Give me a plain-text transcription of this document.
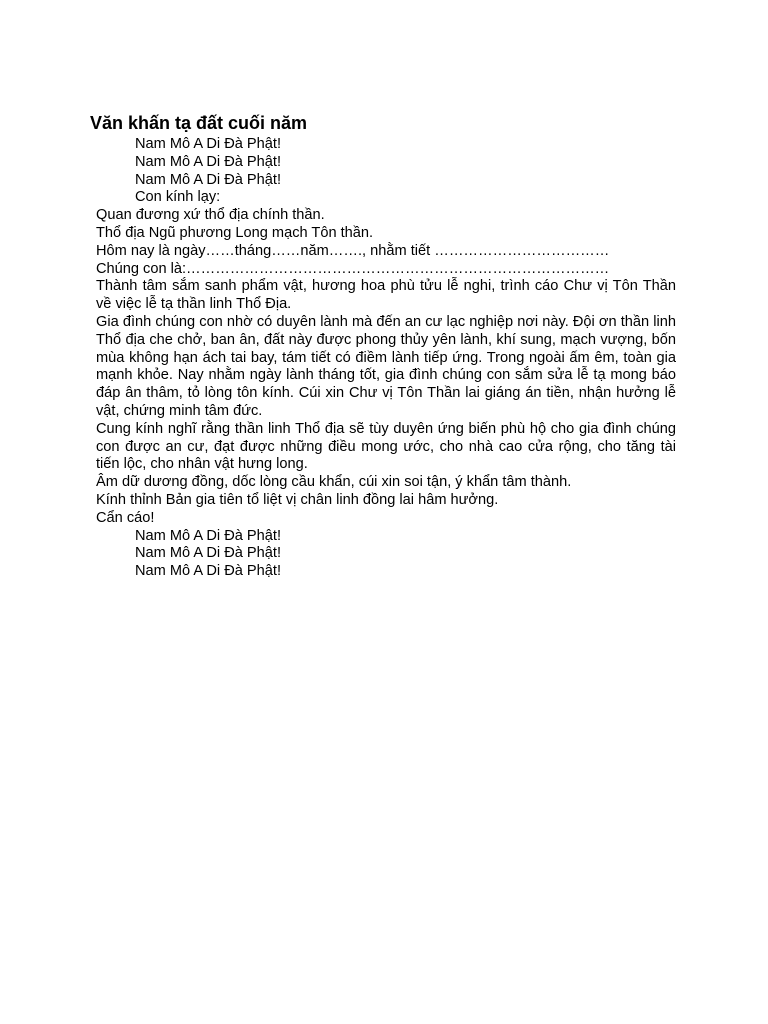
Văn khấn tạ đất cuối năm
Nam Mô A Di Đà Phật!
Nam Mô A Di Đà Phật!
Nam Mô A Di Đà Phật!
Con kính lạy:
Quan đương xứ thổ địa chính thần.
Thổ địa Ngũ phương Long mạch Tôn thần.
Hôm nay là ngày……tháng……năm……., nhằm tiết ………………………………
Chúng con là:……………………………………………………………………………

Thành tâm sắm sanh phẩm vật, hương hoa phù tửu lễ nghi, trình cáo Chư vị Tôn Thần về việc lễ tạ thần linh Thổ Địa.

Gia đình chúng con nhờ có duyên lành mà đến an cư lạc nghiệp nơi này. Đội ơn thần linh Thổ địa che chở, ban ân, đất này được phong thủy yên lành, khí sung, mạch vượng, bốn mùa không hạn ách tai bay, tám tiết có điềm lành tiếp ứng. Trong ngoài ấm êm, toàn gia mạnh khỏe. Nay nhằm ngày lành tháng tốt, gia đình chúng con sắm sửa lễ tạ mong báo đáp ân thâm, tỏ lòng tôn kính. Cúi xin Chư vị Tôn Thần lai giáng án tiền, nhận hưởng lễ vật, chứng minh tâm đức.

Cung kính nghĩ rằng thần linh Thổ địa sẽ tùy duyên ứng biến phù hộ cho gia đình chúng con được an cư, đạt được những điều mong ước, cho nhà cao cửa rộng, cho tăng tài tiến lộc, cho nhân vật hưng long.

Âm dữ dương đồng, dốc lòng cầu khẩn, cúi xin soi tận, ý khẩn tâm thành.
Kính thỉnh Bản gia tiên tổ liệt vị chân linh đồng lai hâm hưởng.
Cẩn cáo!
Nam Mô A Di Đà Phật!
Nam Mô A Di Đà Phật!
Nam Mô A Di Đà Phật!
